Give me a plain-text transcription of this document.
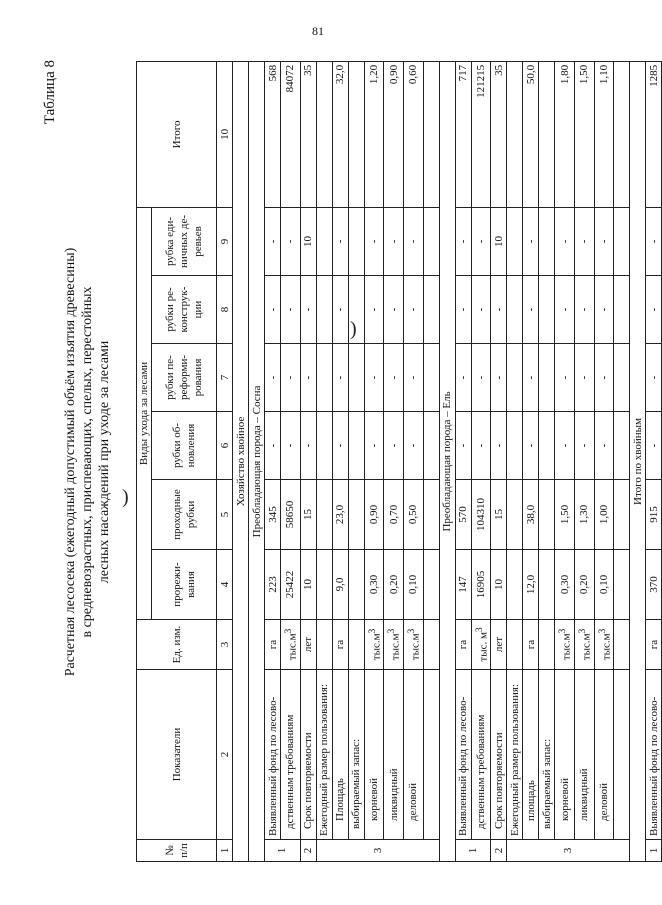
81
)
)
Таблица 8
Расчетная лесосека (ежегодный допустимый объём изъятия древесины) в средневозрастных, приспевающих, спелых, перестойных лесных насаждений при уходе за лесами
№ п/п	Показатели	Ед. изм.	Виды ухода за лесами						Итого
			прорежи-вания	проходные рубки	рубки об-новления	рубки пе-реформи-рования	рубки ре-конструк-ции	рубка еди-ничных де-ревьев	
1	2	3	4	5	6	7	8	9	10
Хозяйство хвойное									
Преобладающая порода – Сосна									
1	Выявленный фонд по лесово-	га	223	345	-	-	-	-	568
	дственным требованиям	$тыс.м^3$	25422	58650	-	-	-	-	84072
2	Срок повторяемости	лет	10	15	-	-	-	10	35
3	Ежегодный размер пользования:								
	Площадь	га	9,0	23,0	-	-	-	-	32,0
	выбираемый запас:								
	корневой	$тыс.м^3$	0,30	0,90	-	-	-	-	1,20
	ликвидный	$тыс.м^3$	0,20	0,70	-	-	-	-	0,90
	деловой	$тыс.м^3$	0,10	0,50	-	-	-	-	0,60

Преобладающая порода – Ель									
1	Выявленный фонд по лесово-	га	147	570	-	-	-	-	717
	дственным требованиям	тыс. $м^3$	16905	104310	-	-	-	-	121215
2	Срок повторяемости	лет	10	15	-	-	-	10	35
3	Ежегодный размер пользования:								
	площадь	га	12,0	38,0	-	-	-	-	50,0
	выбираемый запас:								
	корневой	$тыс.м^3$	0,30	1,50	-	-	-	-	1,80
	ликвидный	$тыс.м^3$	0,20	1,30	-	-	-	-	1,50
	деловой	$тыс.м^3$	0,10	1,00	-	-	-	-	1,10

Итого по хвойным									
1	Выявленный фонд по лесово-	га	370	915	-	-	-	-	1285
